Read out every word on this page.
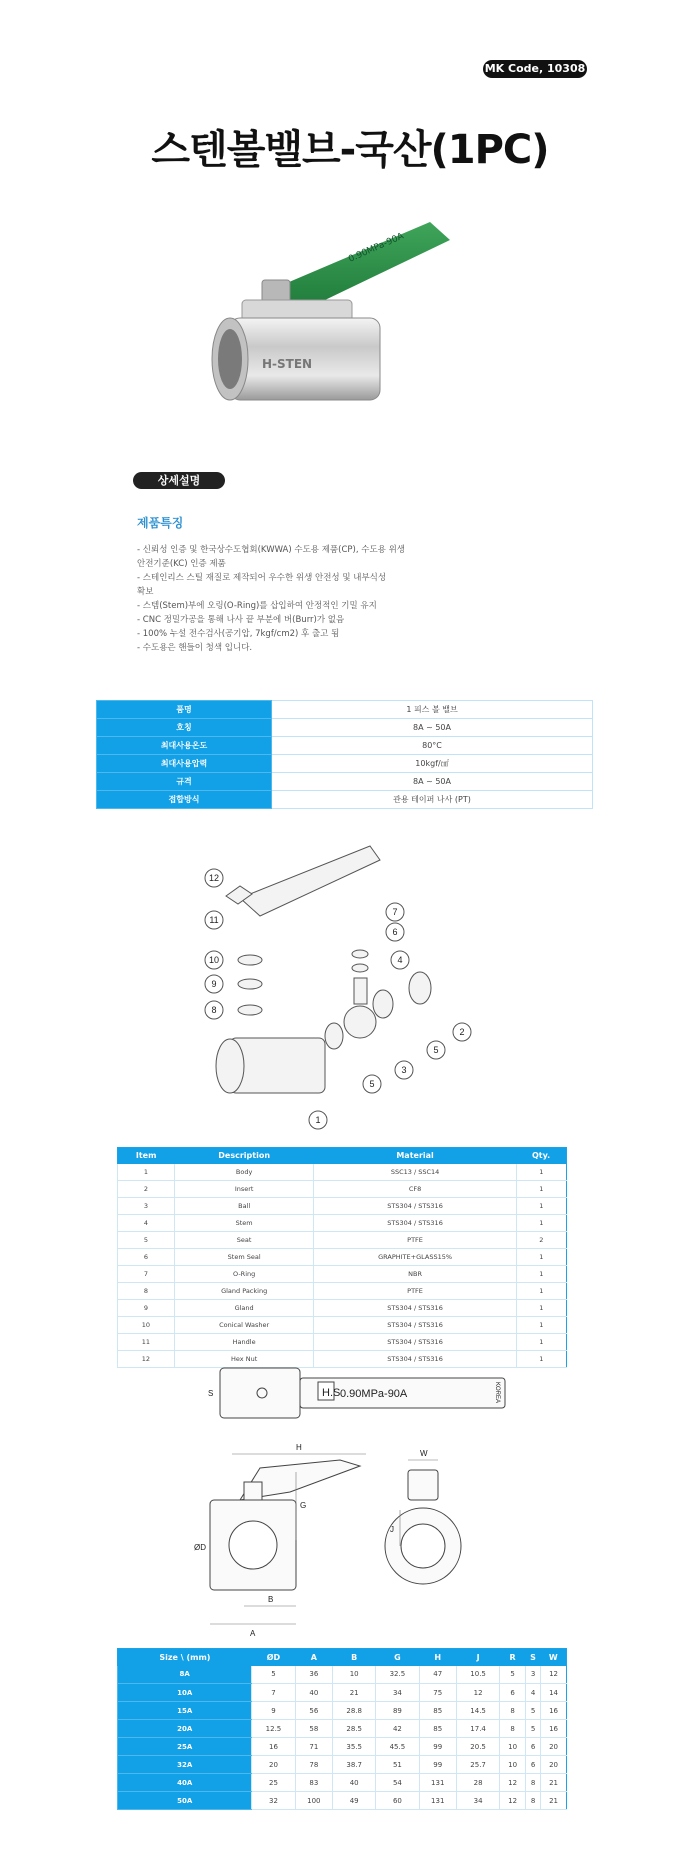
MK Code, 10308
스텐볼밸브-국산(1PC)
0.90MPa-90A
H-STEN
상세설명
제품특징
- 신뢰성 인증 및 한국상수도협회(KWWA) 수도용 제품(CP), 수도용 위생
안전기준(KC) 인증 제품
- 스테인리스 스틸 재질로 제작되어 우수한 위생 안전성 및 내부식성
확보
- 스템(Stem)부에 오링(O-Ring)를 삽입하여 안정적인 기밀 유지
- CNC 정밀가공을 통해 나사 끝 부분에 버(Burr)가 없음
- 100% 누설 전수검사(공기압, 7kgf/cm2) 후 출고 됨
- 수도용은 핸들이 청색 입니다.
품명	1 피스 볼 밸브
호칭	8A ~ 50A
최대사용온도	80°C
최대사용압력	10kgf/㎠
규격	8A ~ 50A
접합방식	관용 테이퍼 나사 (PT)
12
11
10
9
8
7
6
4
2
5
3
5
1
Item	Description	Material	Qty.
1	Body	SSC13 / SSC14	1
2	Insert	CF8	1
3	Ball	STS304 / STS316	1
4	Stem	STS304 / STS316	1
5	Seat	PTFE	2
6	Stem Seal	GRAPHITE+GLASS15%	1
7	O-Ring	NBR	1
8	Gland Packing	PTFE	1
9	Gland	STS304 / STS316	1
10	Conical Washer	STS304 / STS316	1
11	Handle	STS304 / STS316	1
12	Hex Nut	STS304 / STS316	1
H.S 0.90MPa-90A	KOREA
S
H
W
G
J
ØD
B
A
Size \ (mm)	ØD	A	B	G	H	J	R	S	W
8A	5	36	10	32.5	47	10.5	5	3	12
10A	7	40	21	34	75	12	6	4	14
15A	9	56	28.8	89	85	14.5	8	5	16
20A	12.5	58	28.5	42	85	17.4	8	5	16
25A	16	71	35.5	45.5	99	20.5	10	6	20
32A	20	78	38.7	51	99	25.7	10	6	20
40A	25	83	40	54	131	28	12	8	21
50A	32	100	49	60	131	34	12	8	21
